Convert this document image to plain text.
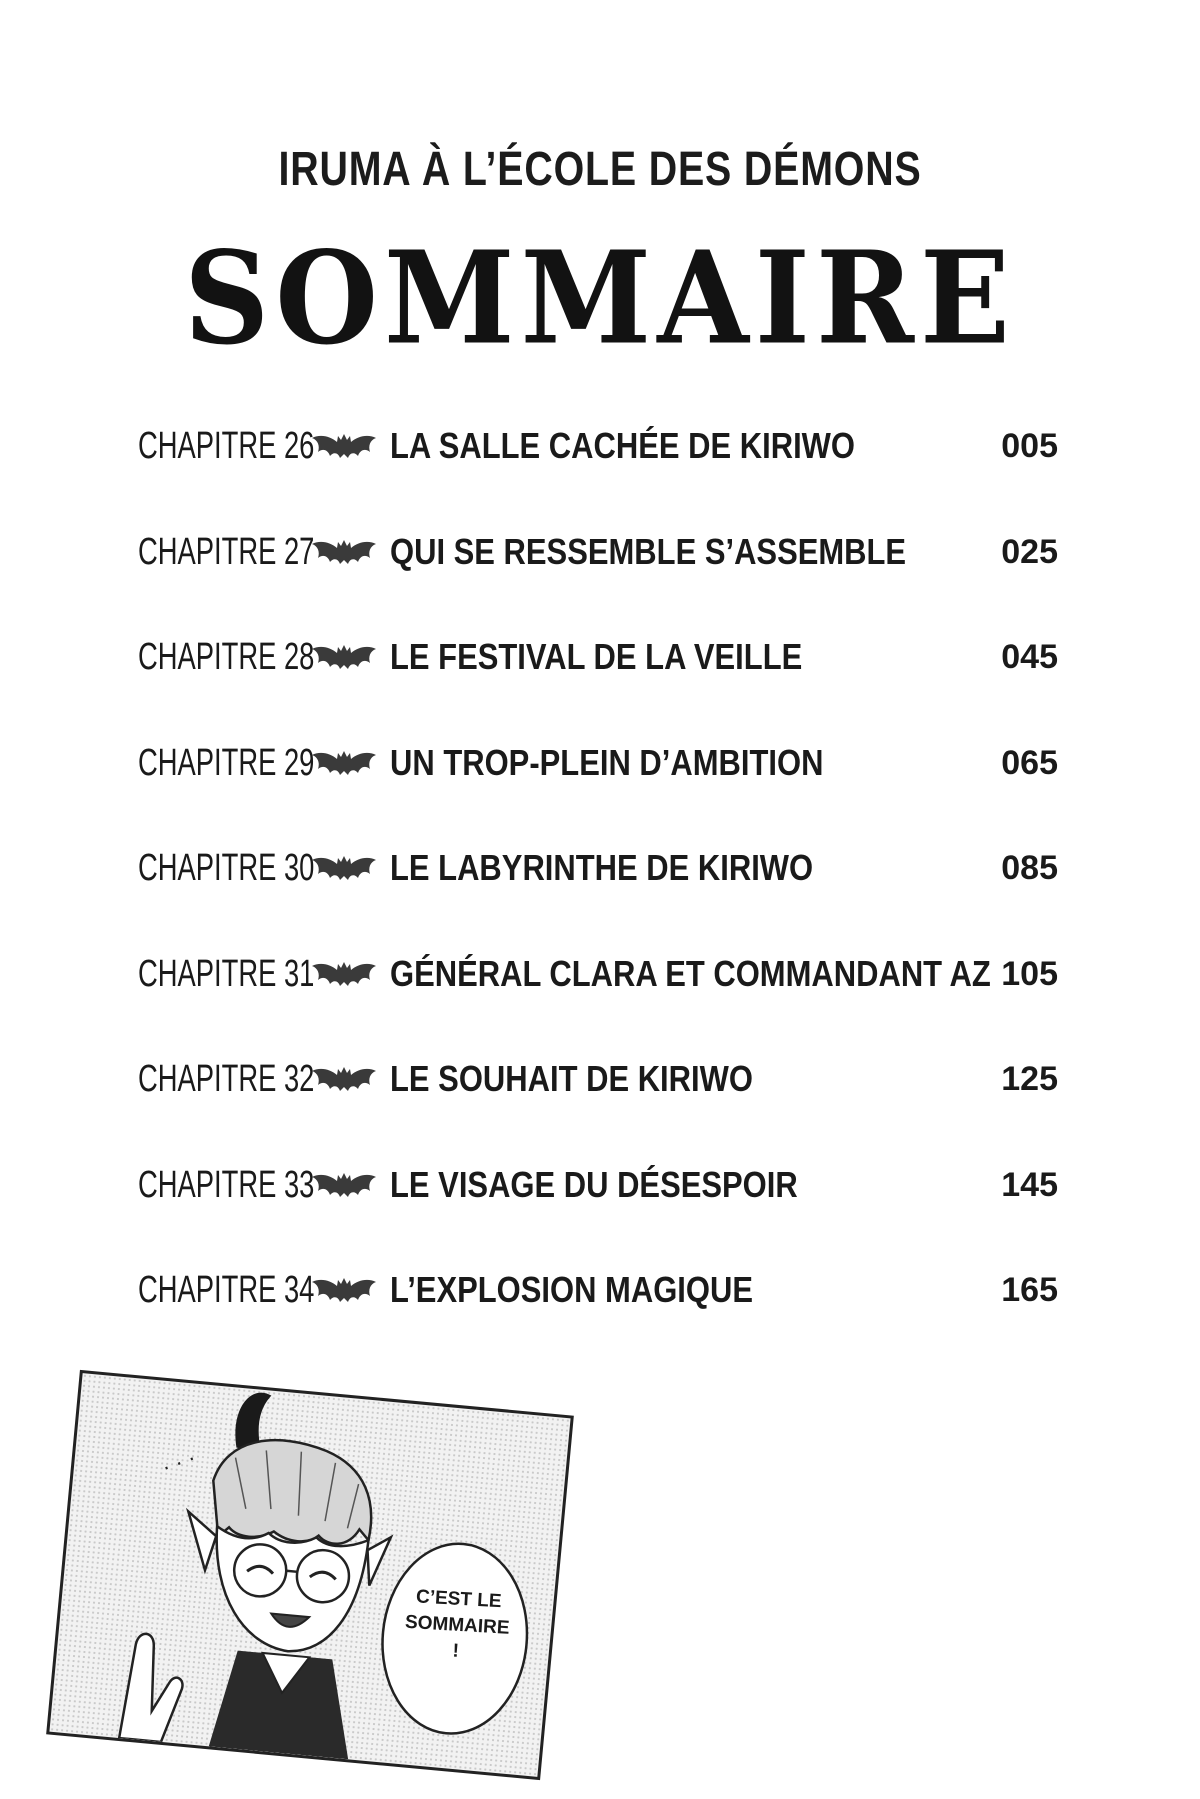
IRUMA À L’ÉCOLE DES DÉMONS
SOMMAIRE
CHAPITRE 26 LA SALLE CACHÉE DE KIRIWO	005
CHAPITRE 27 QUI SE RESSEMBLE S’ASSEMBLE	025
CHAPITRE 28 LE FESTIVAL DE LA VEILLE	045
CHAPITRE 29 UN TROP-PLEIN D’AMBITION	065
CHAPITRE 30 LE LABYRINTHE DE KIRIWO	085
CHAPITRE 31 GÉNÉRAL CLARA ET COMMANDANT AZ 105
CHAPITRE 32 LE SOUHAIT DE KIRIWO	125
CHAPITRE 33 LE VISAGE DU DÉSESPOIR	145
CHAPITRE 34 L’EXPLOSION MAGIQUE	165
· · ·
C’EST LE
SOMMAIRE
!
